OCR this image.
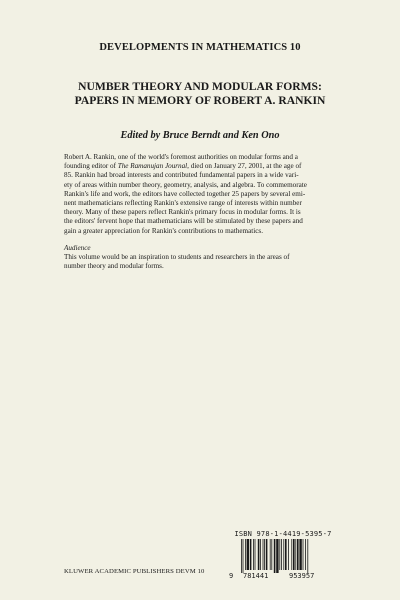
DEVELOPMENTS IN MATHEMATICS 10
NUMBER THEORY AND MODULAR FORMS:
PAPERS IN MEMORY OF ROBERT A. RANKIN
Edited by Bruce Berndt and Ken Ono

Robert A. Rankin, one of the world's foremost authorities on modular forms and a
founding editor of The Ramanujan Journal, died on January 27, 2001, at the age of
85. Rankin had broad interests and contributed fundamental papers in a wide vari-
ety of areas within number theory, geometry, analysis, and algebra. To commemorate
Rankin's life and work, the editors have collected together 25 papers by several emi-
nent mathematicians reflecting Rankin's extensive range of interests within number
theory. Many of these papers reflect Rankin's primary focus in modular forms. It is
the editors' fervent hope that mathematicians will be stimulated by these papers and
gain a greater appreciation for Rankin's contributions to mathematics.

Audience

This volume would be an inspiration to students and researchers in the areas of
number theory and modular forms.

ISBN 978-1-4419-5395-7
9 781441	953957
KLUWER ACADEMIC PUBLISHERS DEVM 10
